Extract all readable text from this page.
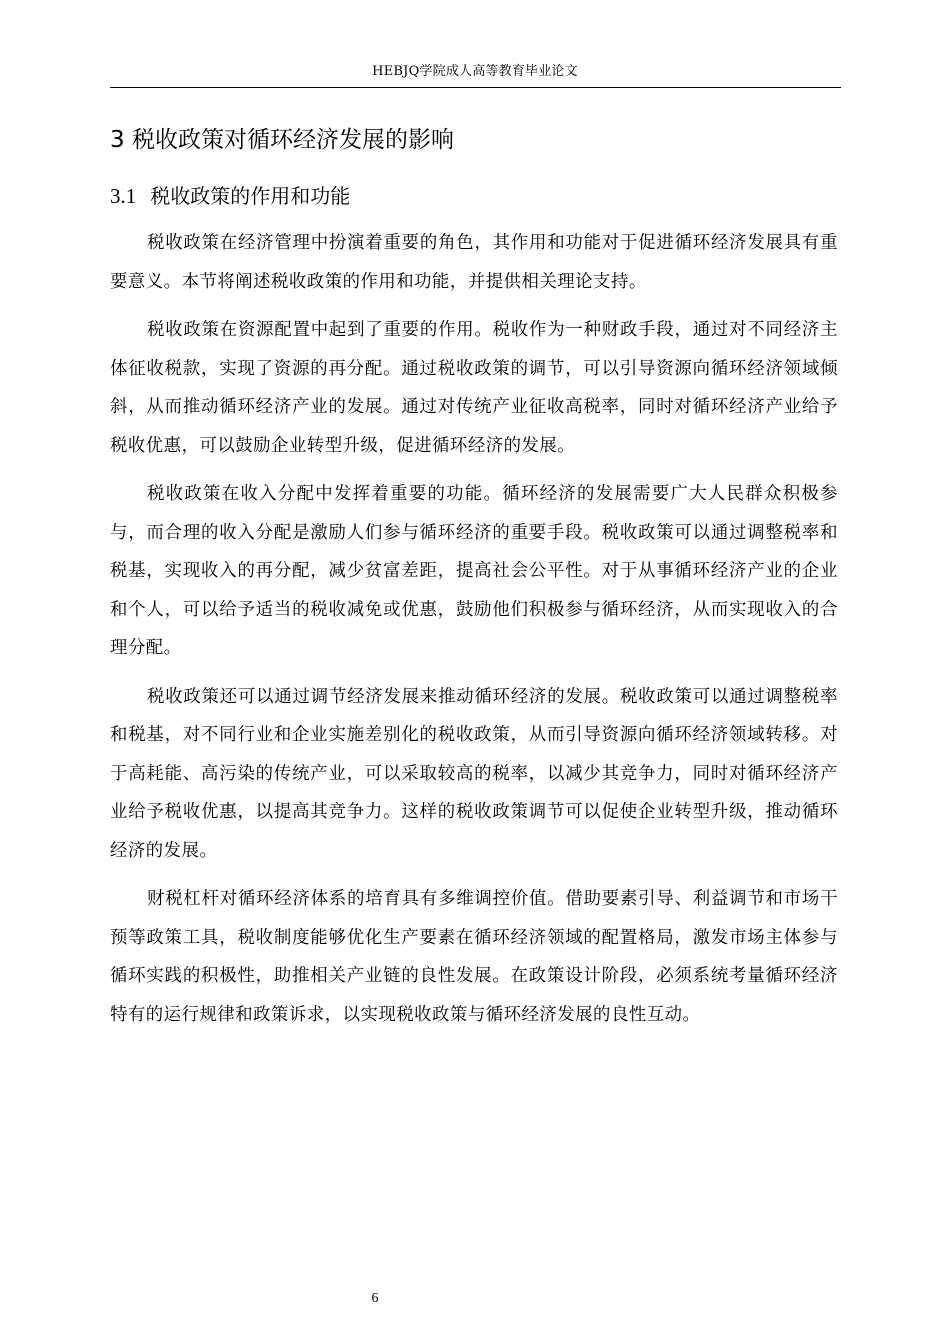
HEBJQ学院成人高等教育毕业论文
3 税收政策对循环经济发展的影响
3.1 税收政策的作用和功能

税收政策在经济管理中扮演着重要的角色，其作用和功能对于促进循环经济发展具有重要意义。本节将阐述税收政策的作用和功能，并提供相关理论支持。

税收政策在资源配置中起到了重要的作用。税收作为一种财政手段，通过对不同经济主体征收税款，实现了资源的再分配。通过税收政策的调节，可以引导资源向循环经济领域倾斜，从而推动循环经济产业的发展。通过对传统产业征收高税率，同时对循环经济产业给予税收优惠，可以鼓励企业转型升级，促进循环经济的发展。

税收政策在收入分配中发挥着重要的功能。循环经济的发展需要广大人民群众积极参与，而合理的收入分配是激励人们参与循环经济的重要手段。税收政策可以通过调整税率和税基，实现收入的再分配，减少贫富差距，提高社会公平性。对于从事循环经济产业的企业和个人，可以给予适当的税收减免或优惠，鼓励他们积极参与循环经济，从而实现收入的合理分配。

税收政策还可以通过调节经济发展来推动循环经济的发展。税收政策可以通过调整税率和税基，对不同行业和企业实施差别化的税收政策，从而引导资源向循环经济领域转移。对于高耗能、高污染的传统产业，可以采取较高的税率，以减少其竞争力，同时对循环经济产业给予税收优惠，以提高其竞争力。这样的税收政策调节可以促使企业转型升级，推动循环经济的发展。

财税杠杆对循环经济体系的培育具有多维调控价值。借助要素引导、利益调节和市场干预等政策工具，税收制度能够优化生产要素在循环经济领域的配置格局，激发市场主体参与循环实践的积极性，助推相关产业链的良性发展。在政策设计阶段，必须系统考量循环经济特有的运行规律和政策诉求，以实现税收政策与循环经济发展的良性互动。

6
